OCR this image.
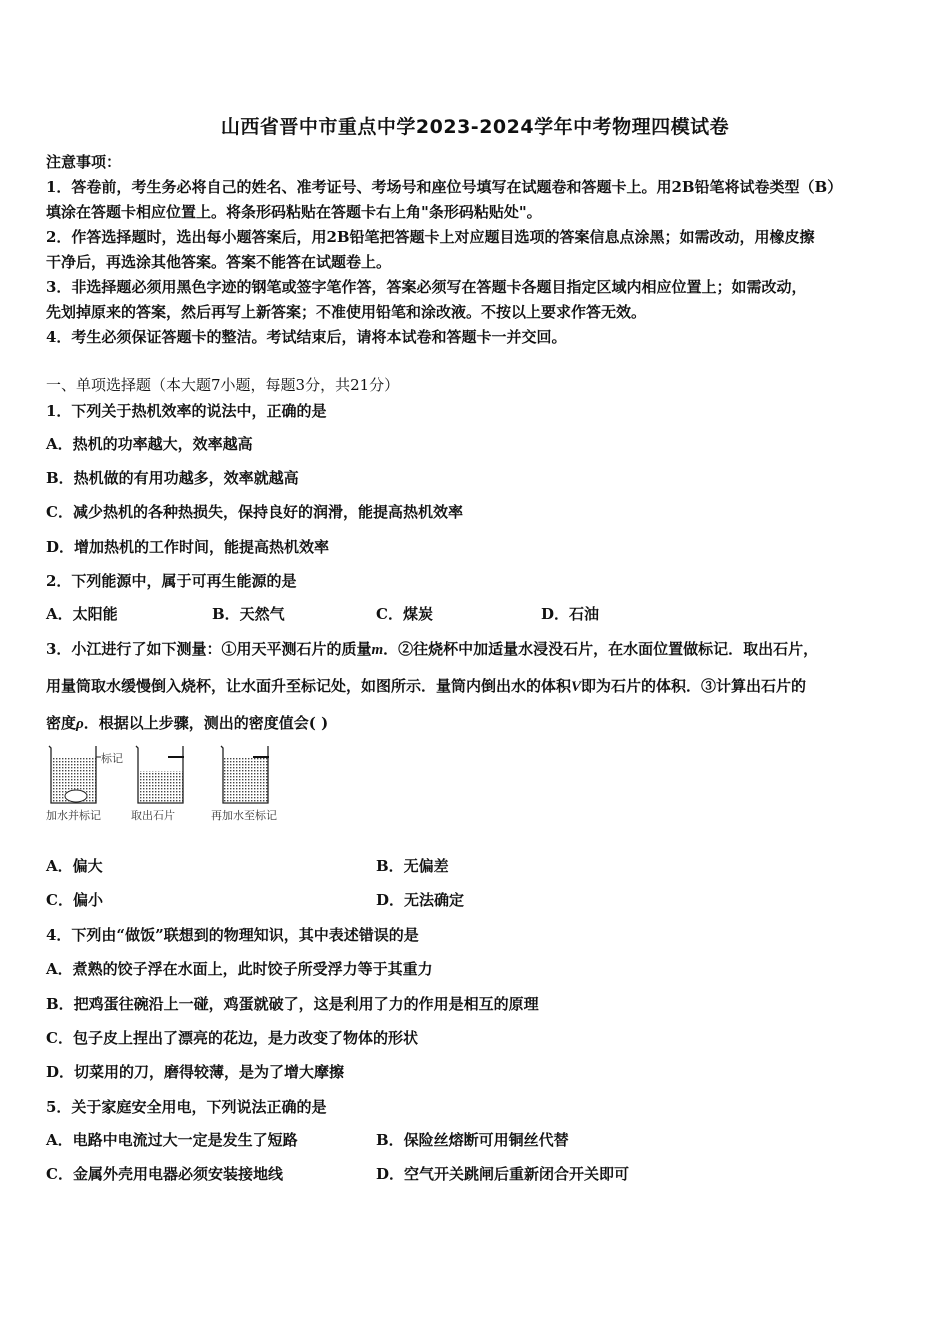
山西省晋中市重点中学2023-2024学年中考物理四模试卷
注意事项：
1．答卷前，考生务必将自己的姓名、准考证号、考场号和座位号填写在试题卷和答题卡上。用2B铅笔将试卷类型（B）
填涂在答题卡相应位置上。将条形码粘贴在答题卡右上角"条形码粘贴处"。
2．作答选择题时，选出每小题答案后，用2B铅笔把答题卡上对应题目选项的答案信息点涂黑；如需改动，用橡皮擦
干净后，再选涂其他答案。答案不能答在试题卷上。
3．非选择题必须用黑色字迹的钢笔或签字笔作答，答案必须写在答题卡各题目指定区域内相应位置上；如需改动，
先划掉原来的答案，然后再写上新答案；不准使用铅笔和涂改液。不按以上要求作答无效。
4．考生必须保证答题卡的整洁。考试结束后，请将本试卷和答题卡一并交回。
一、单项选择题（本大题7小题，每题3分，共21分）
1．下列关于热机效率的说法中，正确的是
A．热机的功率越大，效率越高
B．热机做的有用功越多，效率就越高
C．减少热机的各种热损失，保持良好的润滑，能提高热机效率
D．增加热机的工作时间，能提高热机效率
2．下列能源中，属于可再生能源的是
A．太阳能	B．天然气	C．煤炭	D．石油
3．小江进行了如下测量：①用天平测石片的质量m．②往烧杯中加适量水浸没石片，在水面位置做标记．取出石片，
用量筒取水缓慢倒入烧杯，让水面升至标记处，如图所示．量筒内倒出水的体积V即为石片的体积．③计算出石片的
密度ρ．根据以上步骤，测出的密度值会( )
标记
加水并标记	取出石片	再加水至标记
A．偏大	B．无偏差
C．偏小	D．无法确定
4．下列由“做饭”联想到的物理知识，其中表述错误的是
A．煮熟的饺子浮在水面上，此时饺子所受浮力等于其重力
B．把鸡蛋往碗沿上一碰，鸡蛋就破了，这是利用了力的作用是相互的原理
C．包子皮上捏出了漂亮的花边，是力改变了物体的形状
D．切菜用的刀，磨得较薄，是为了增大摩擦
5．关于家庭安全用电，下列说法正确的是
A．电路中电流过大一定是发生了短路	B．保险丝熔断可用铜丝代替
C．金属外壳用电器必须安装接地线	D．空气开关跳闸后重新闭合开关即可
